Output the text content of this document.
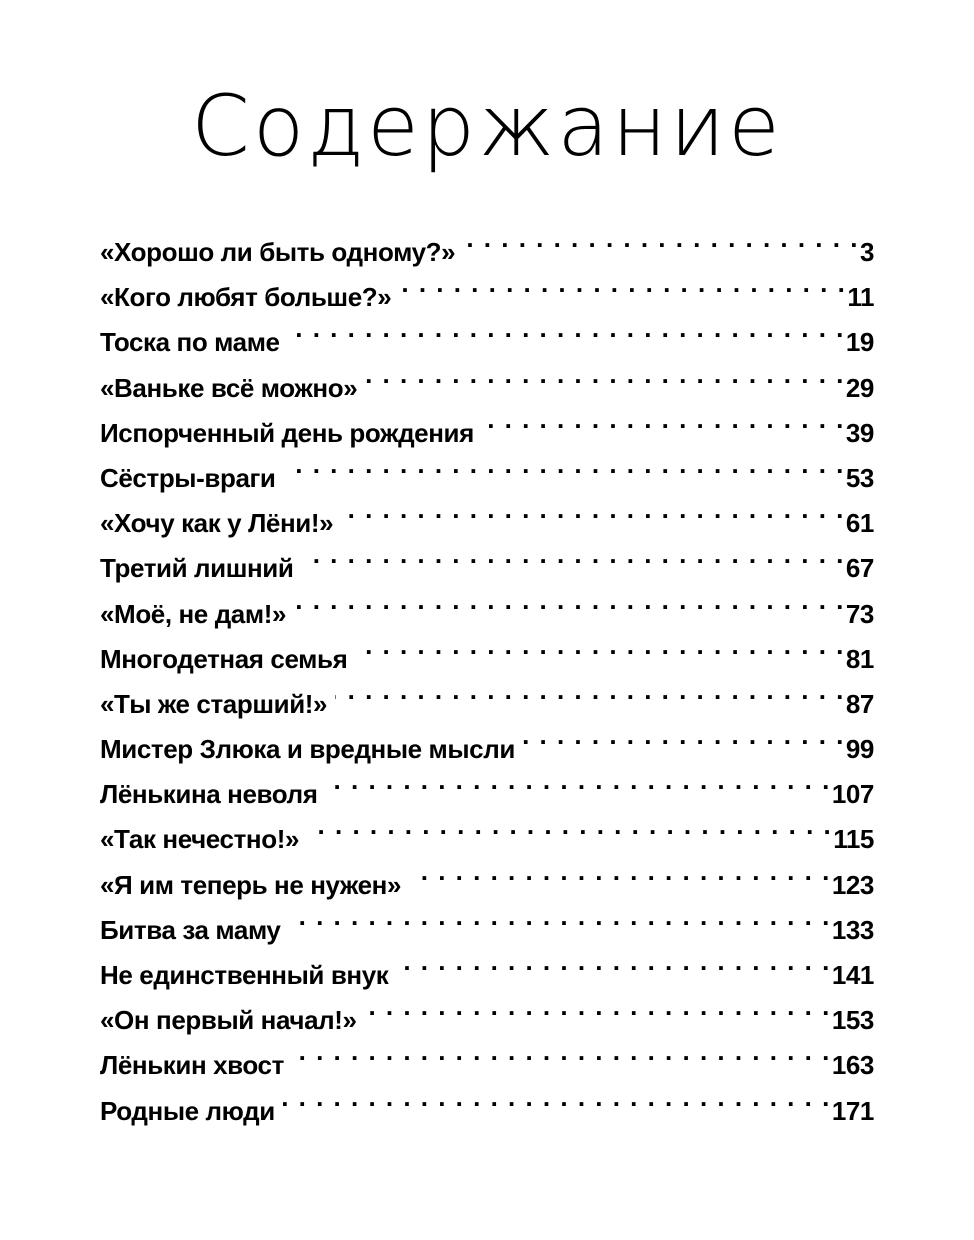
Содержание
«Хорошо ли быть одному?» . . .	3
«Кого любят больше?» . . .	11
Тоска по маме . . .	19
«Ваньке всё можно» . . .	29
Испорченный день рождения . . .	39
Сёстры-враги . . .	53
«Хочу как у Лёни!» . . .	61
Третий лишний . . .	67
«Моё, не дам!» . . .	73
Многодетная семья . . .	81
«Ты же старший!» . . .	87
Мистер Злюка и вредные мысли . . .	99
Лёнькина неволя . . .	107
«Так нечестно!» . . .	115
«Я им теперь не нужен» . . .	123
Битва за маму . . .	133
Не единственный внук . . .	141
«Он первый начал!» . . .	153
Лёнькин хвост . . .	163
Родные люди . . .	171
